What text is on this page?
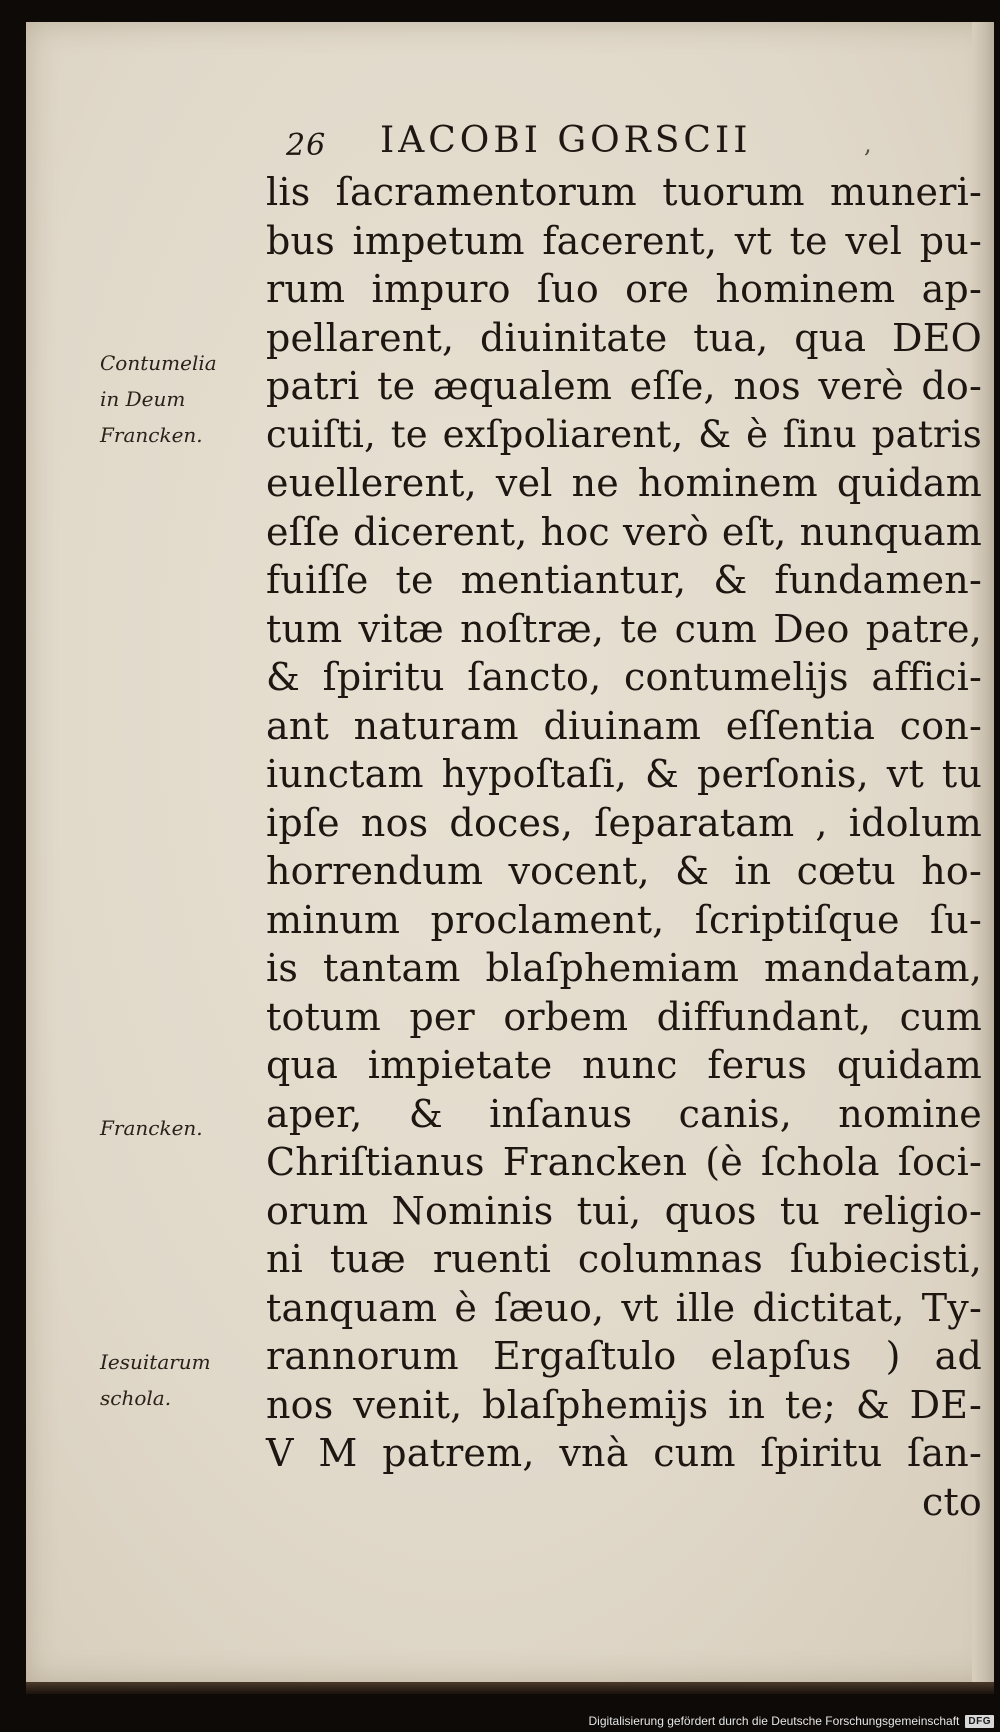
26 IACOBI GORSCII	,
Contumelia
in Deum
Francken.
Francken.
Iesuitarum
schola.
lis ſacramentorum tuorum muneri-
bus impetum facerent, vt te vel pu-
rum impuro ſuo ore hominem ap-
pellarent, diuinitate tua, qua DEO
patri te æqualem eſſe, nos verè do-
cuiſti, te exſpoliarent, & è ſinu patris
euellerent, vel ne hominem quidam
eſſe dicerent, hoc verò eſt, nunquam
fuiſſe te mentiantur, & fundamen-
tum vitæ noſtræ, te cum Deo patre,
& ſpiritu ſancto, contumelijs affici-
ant naturam diuinam eſſentia con-
iunctam hypoſtaſi, & perſonis, vt tu
ipſe nos doces, ſeparatam , idolum
horrendum vocent, & in cœtu ho-
minum proclament, ſcriptiſque ſu-
is tantam blaſphemiam mandatam,
totum per orbem diffundant, cum
qua impietate nunc ferus quidam
aper, & inſanus canis, nomine
Chriſtianus Francken (è ſchola ſoci-
orum Nominis tui, quos tu religio-
ni tuæ ruenti columnas ſubiecisti,
tanquam è ſæuo, vt ille dictitat, Ty-
rannorum Ergaſtulo elapſus ) ad
nos venit, blaſphemijs in te; & DE-
V M patrem, vnà cum ſpiritu ſan-
cto
Digitalisierung gefördert durch die Deutsche Forschungsgemeinschaft DFG
